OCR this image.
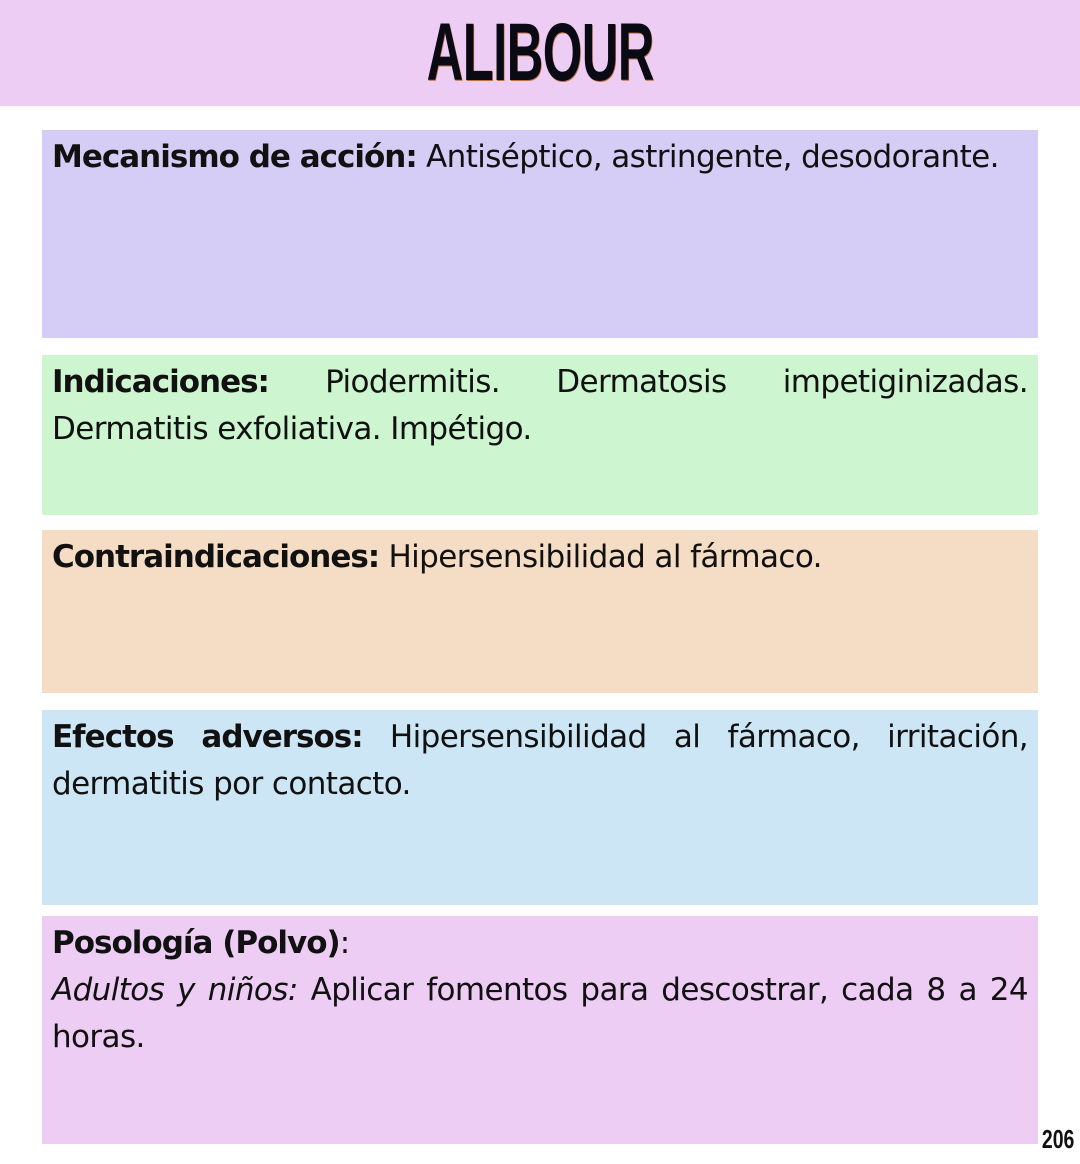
ALIBOUR
Mecanismo de acción: Antiséptico, astringente, desodorante.
Indicaciones: Piodermitis. Dermatosis impetiginizadas. Dermatitis exfoliativa. Impétigo.
Contraindicaciones: Hipersensibilidad al fármaco.
Efectos adversos: Hipersensibilidad al fármaco, irritación, dermatitis por contacto.
Posología (Polvo):
Adultos y niños: Aplicar fomentos para descostrar, cada 8 a 24 horas.
206
